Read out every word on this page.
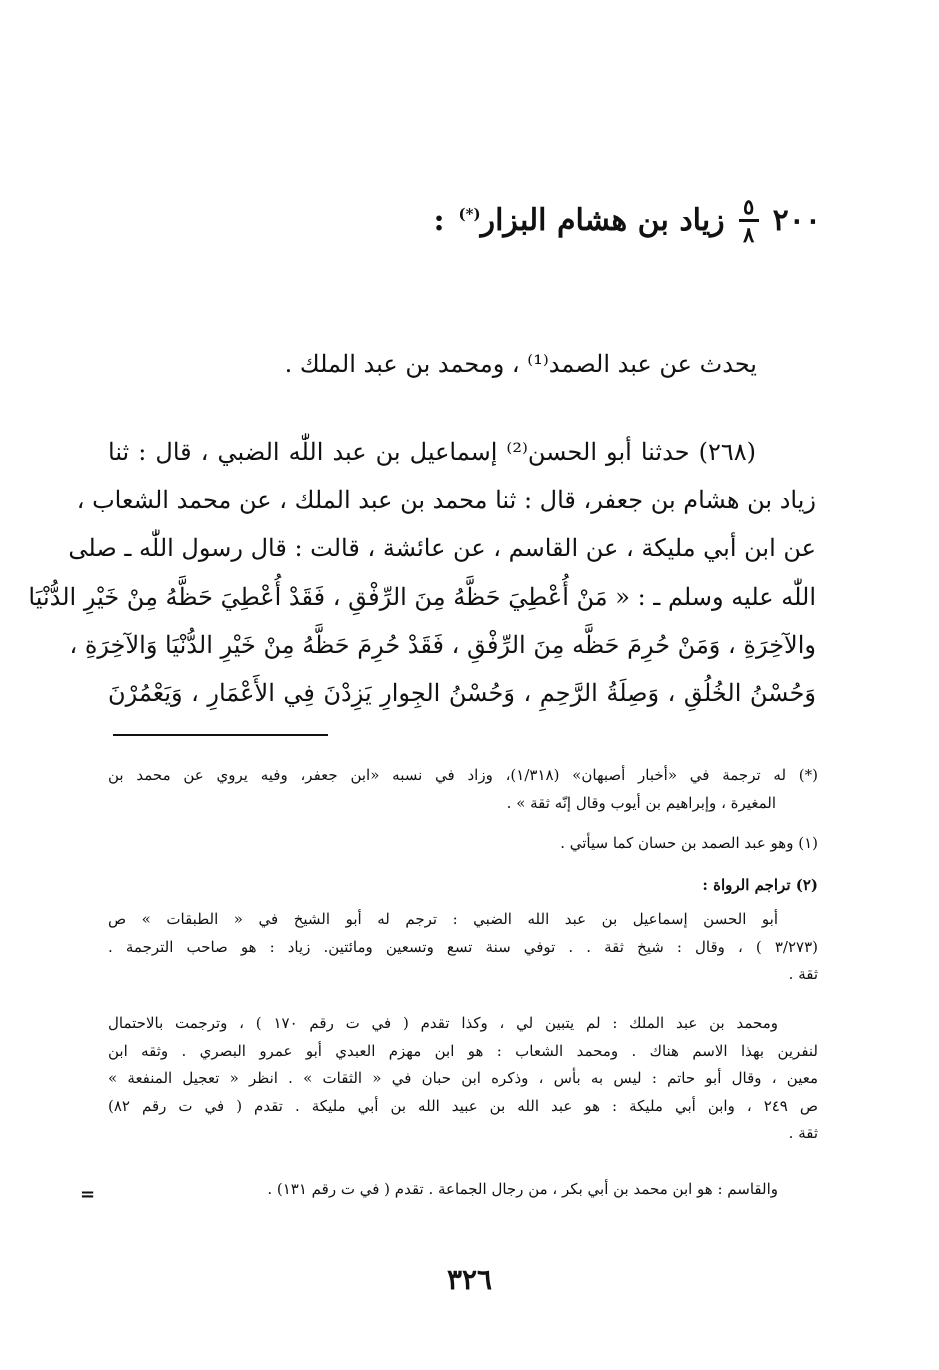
٢٠٠
$\frac{٥}{٨}$
زياد بن هشام البزار(*)
:
يحدث عن عبد الصمد⁽¹⁾ ، ومحمد بن عبد الملك .
(٢٦٨) حدثنا أبو الحسن⁽²⁾ إسماعيل بن عبد اللّٰه الضبي ، قال : ثنا
زياد بن هشام بن جعفر، قال : ثنا محمد بن عبد الملك ، عن محمد الشعاب ،
عن ابن أبي مليكة ، عن القاسم ، عن عائشة ، قالت : قال رسول اللّٰه ـ صلى
اللّٰه عليه وسلم ـ : « مَنْ أُعْطِيَ حَظَّهُ مِنَ الرِّفْقِ ، فَقَدْ أُعْطِيَ حَظَّهُ مِنْ خَيْرِ الدُّنْيَا
والآخِرَةِ ، وَمَنْ حُرِمَ حَظَّه مِنَ الرِّفْقِ ، فَقَدْ حُرِمَ حَظَّهُ مِنْ خَيْرِ الدُّنْيَا وَالآخِرَةِ ،
وَحُسْنُ الخُلُقِ ، وَصِلَةُ الرَّحِمِ ، وَحُسْنُ الجِوارِ يَزِدْنَ فِي الأَعْمَارِ ، وَيَعْمُرْنَ
(*) له ترجمة في «أخبار أصبهان» (١/٣١٨)، وزاد في نسبه «ابن جعفر، وفيه يروي عن محمد بن
المغيرة ، وإبراهيم بن أيوب وقال إنّه ثقة » .
(١) وهو عبد الصمد بن حسان كما سيأتي .
(٢) تراجم الرواة :
أبو الحسن إسماعيل بن عبد الله الضبي : ترجم له أبو الشيخ في « الطبقات » ص
(٣/٢٧٣ ) ، وقال : شيخ ثقة . . توفي سنة تسع وتسعين ومائتين. زياد : هو صاحب الترجمة .
ثقة .
ومحمد بن عبد الملك : لم يتبين لي ، وكذا تقدم ( في ت رقم ١٧٠ ) ، وترجمت بالاحتمال
لنفرين بهذا الاسم هناك . ومحمد الشعاب : هو ابن مهزم العبدي أبو عمرو البصري . وثقه ابن
معين ، وقال أبو حاتم : ليس به بأس ، وذكره ابن حبان في « الثقات » . انظر « تعجيل المنفعة »
ص ٢٤٩ ، وابن أبي مليكة : هو عبد الله بن عبيد الله بن أبي مليكة . تقدم ( في ت رقم ٨٢)
ثقة .
والقاسم : هو ابن محمد بن أبي بكر ، من رجال الجماعة . تقدم ( في ت رقم ١٣١) .
=
٣٢٦
